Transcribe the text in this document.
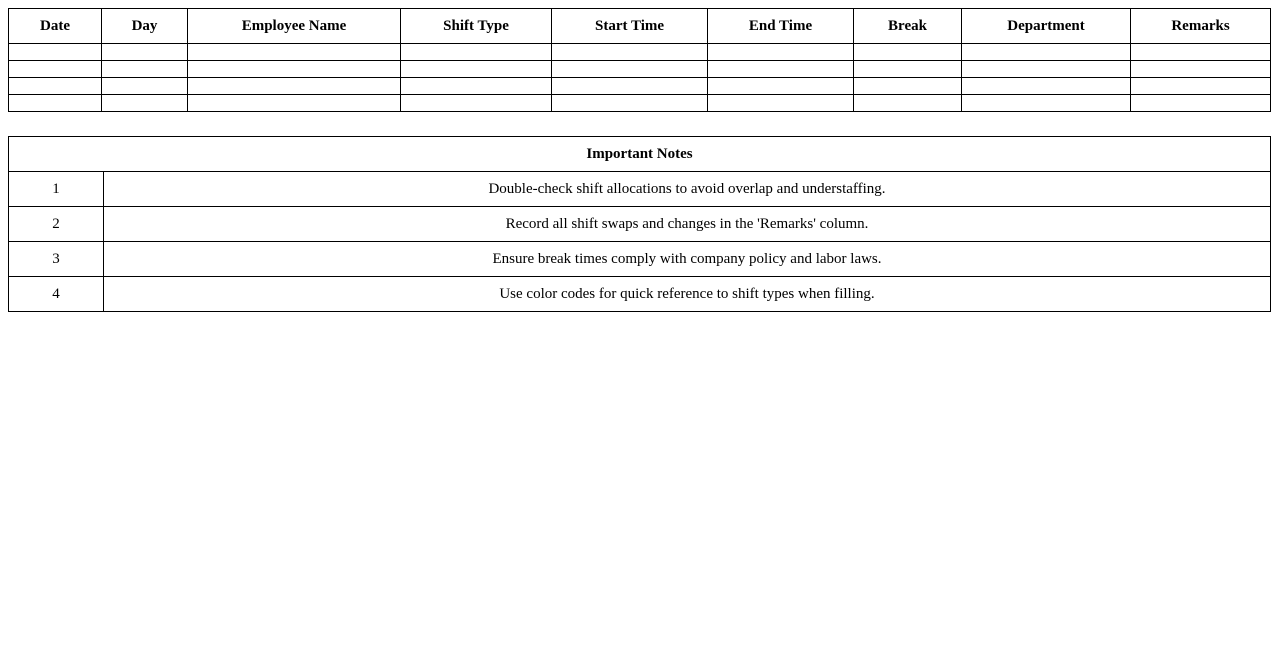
Date	Day	Employee Name	Shift Type	Start Time	End Time	Break	Department	Remarks

Important Notes	
1	Double-check shift allocations to avoid overlap and understaffing.
2	Record all shift swaps and changes in the 'Remarks' column.
3	Ensure break times comply with company policy and labor laws.
4	Use color codes for quick reference to shift types when filling.
